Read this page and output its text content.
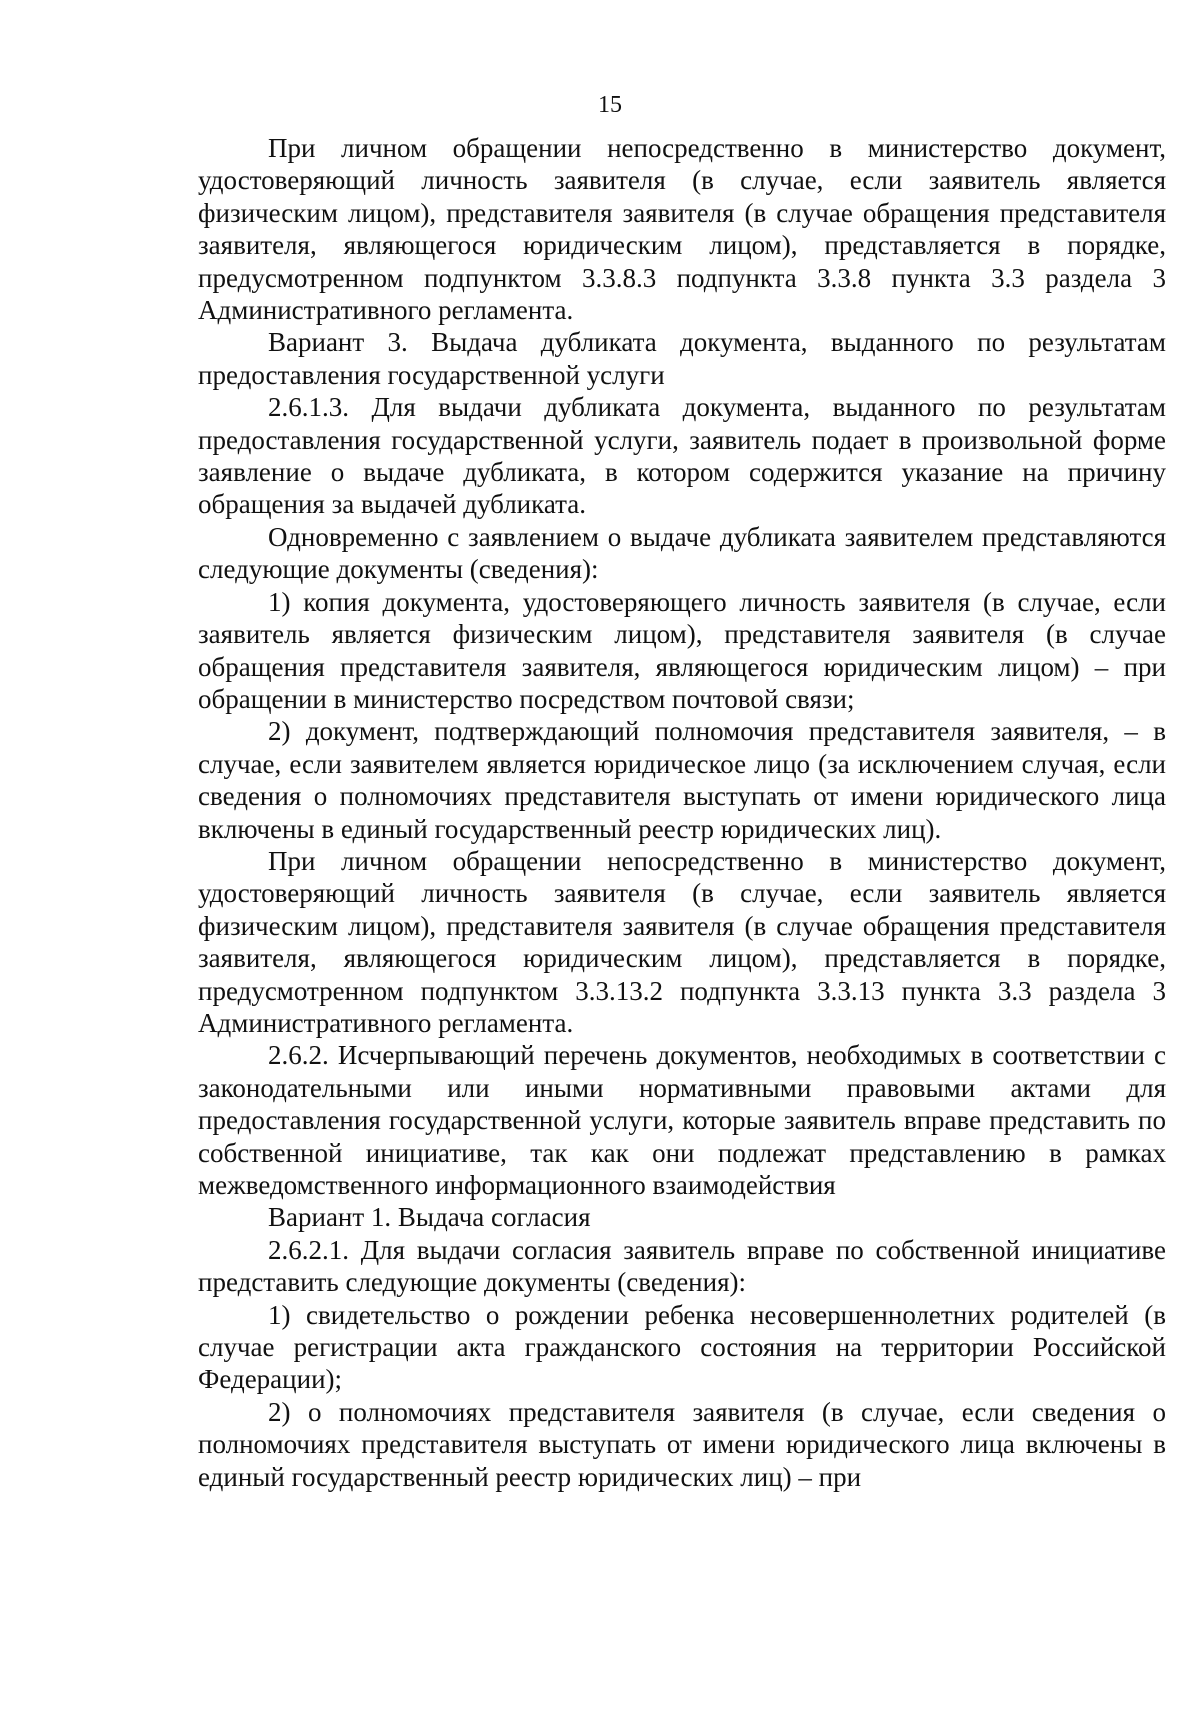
15

При личном обращении непосредственно в министерство документ, удостоверяющий личность заявителя (в случае, если заявитель является физическим лицом), представителя заявителя (в случае обращения представителя заявителя, являющегося юридическим лицом), представляется в порядке, предусмотренном подпунктом 3.3.8.3 подпункта 3.3.8 пункта 3.3 раздела 3 Административного регламента.

Вариант 3. Выдача дубликата документа, выданного по результатам предоставления государственной услуги

2.6.1.3. Для выдачи дубликата документа, выданного по результатам предоставления государственной услуги, заявитель подает в произвольной форме заявление о выдаче дубликата, в котором содержится указание на причину обращения за выдачей дубликата.

Одновременно с заявлением о выдаче дубликата заявителем представляются следующие документы (сведения):

1) копия документа, удостоверяющего личность заявителя (в случае, если заявитель является физическим лицом), представителя заявителя (в случае обращения представителя заявителя, являющегося юридическим лицом) – при обращении в министерство посредством почтовой связи;

2) документ, подтверждающий полномочия представителя заявителя, – в случае, если заявителем является юридическое лицо (за исключением случая, если сведения о полномочиях представителя выступать от имени юридического лица включены в единый государственный реестр юридических лиц).

При личном обращении непосредственно в министерство документ, удостоверяющий личность заявителя (в случае, если заявитель является физическим лицом), представителя заявителя (в случае обращения представителя заявителя, являющегося юридическим лицом), представляется в порядке, предусмотренном подпунктом 3.3.13.2 подпункта 3.3.13 пункта 3.3 раздела 3 Административного регламента.

2.6.2. Исчерпывающий перечень документов, необходимых в соответствии с законодательными или иными нормативными правовыми актами для предоставления государственной услуги, которые заявитель вправе представить по собственной инициативе, так как они подлежат представлению в рамках межведомственного информационного взаимодействия

Вариант 1. Выдача согласия

2.6.2.1. Для выдачи согласия заявитель вправе по собственной инициативе представить следующие документы (сведения):

1) свидетельство о рождении ребенка несовершеннолетних родителей (в случае регистрации акта гражданского состояния на территории Российской Федерации);

2) о полномочиях представителя заявителя (в случае, если сведения о полномочиях представителя выступать от имени юридического лица включены в единый государственный реестр юридических лиц) – при
